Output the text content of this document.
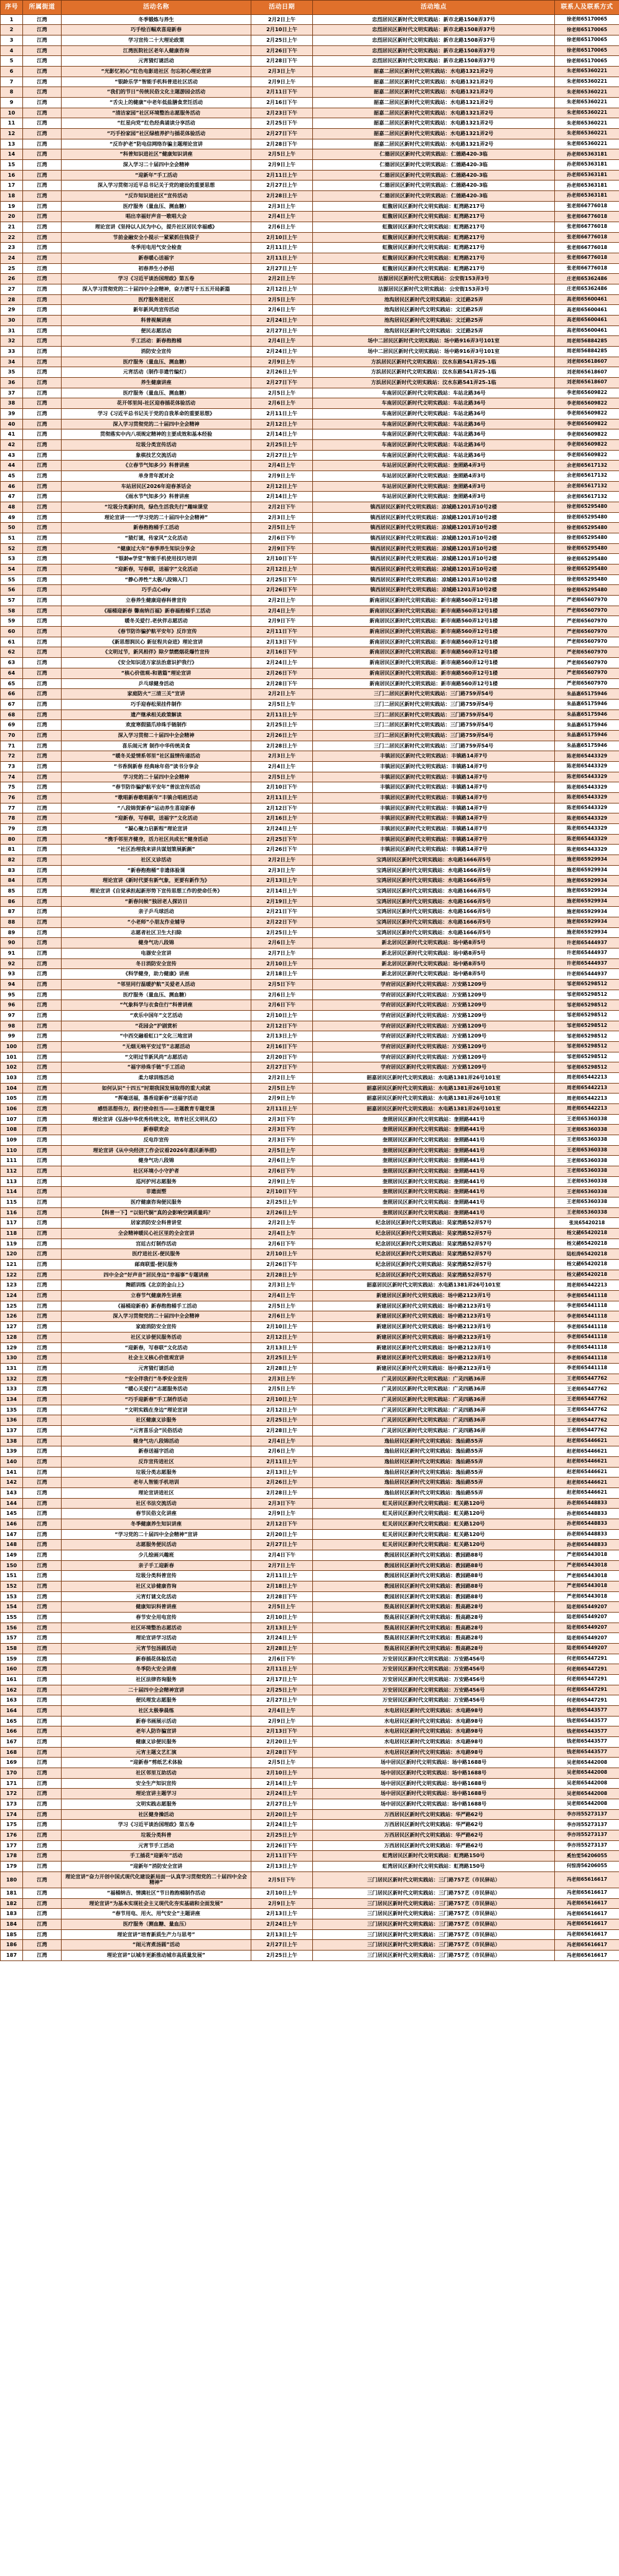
序号	所属街道	活动名称	活动日期	活动地点	联系人及联系方式
1	江湾	冬季锻炼与养生	2月2日上午	忠烈居民区新时代文明实践站：新市北路1508弄37号	徐老师65170065
2	江湾	巧手绘百幅欢喜迎新春	2月10日上午	忠烈居民区新时代文明实践站：新市北路1508弄37号	徐老师65170065
3	江湾	学习宣传二十大理论政策	2月25日上午	忠烈居民区新时代文明实践站：新市北路1508弄37号	徐老师65170065
4	江湾	江湾医院社区老年人健康咨询	2月26日下午	忠烈居民区新时代文明实践站：新市北路1508弄37号	徐老师65170065
5	江湾	元宵猜灯谜活动	2月28日下午	忠烈居民区新时代文明实践站：新市北路1508弄37号	徐老师65170065
6	江湾	“光影忆初心”红色电影进社区 勿忘初心理论宣讲	2月3日上午	韶嘉二居民区新时代文明实践站：水电路1321弄2号	朱老师65360221
7	江湾	“银龄乐学”智能手机科普进社区活动	2月9日上午	韶嘉二居民区新时代文明实践站：水电路1321弄2号	朱老师65360221
8	江湾	“我们的节日”传统民俗文化主题游园会活动	2月11日下午	韶嘉二居民区新时代文明实践站：水电路1321弄2号	朱老师65360221
9	江湾	“舌尖上的健康”中老年低盐膳食烹饪活动	2月16日下午	韶嘉二居民区新时代文明实践站：水电路1321弄2号	朱老师65360221
10	江湾	“清洁家园”社区环境整治志愿服务活动	2月23日下午	韶嘉二居民区新时代文明实践站：水电路1321弄2号	朱老师65360221
11	江湾	“红星向党”红色经典诵读分享活动	2月25日下午	韶嘉二居民区新时代文明实践站：水电路1321弄2号	朱老师65360221
12	江湾	“巧手扮家园”社区绿植养护与插花体验活动	2月27日下午	韶嘉二居民区新时代文明实践站：水电路1321弄2号	朱老师65360221
13	江湾	“反诈护老”防电信网络诈骗主题理论宣讲	2月28日下午	韶嘉二居民区新时代文明实践站：水电路1321弄2号	朱老师65360221
14	江湾	“科普知识进社区”健康知识讲座	2月5日上午	仁德居民区新时代文明实践站：仁德路420-3临	孙老师65363181
15	江湾	深入学习二十届四中全会精神	2月9日上午	仁德居民区新时代文明实践站：仁德路420-3临	孙老师65363181
16	江湾	“迎新年”手工活动	2月11日上午	仁德居民区新时代文明实践站：仁德路420-3临	孙老师65363181
17	江湾	深入学习贯彻习近平总书记关于党的建设的重要思想	2月27日上午	仁德居民区新时代文明实践站：仁德路420-3临	孙老师65363181
18	江湾	“反诈知识进社区”宣传活动	2月28日上午	仁德居民区新时代文明实践站：仁德路420-3临	孙老师65363181
19	江湾	医疗服务（量血压、测血糖）	2月3日上午	虹馥居民区新时代文明实践站：虹湾路217号	张老师66776018
20	江湾	唱出幸福好声音一歌唱大会	2月4日上午	虹馥居民区新时代文明实践站：虹湾路217号	张老师66776018
21	江湾	理论宣讲《坚持以人民为中心，提升社区居民幸福感》	2月6日上午	虹馥居民区新时代文明实践站：虹湾路217号	张老师66776018
22	江湾	节前金融安全小提示一紧紧抓住钱袋子	2月10日上午	虹馥居民区新时代文明实践站：虹湾路217号	张老师66776018
23	江湾	冬季用电用气安全检查	2月11日上午	虹馥居民区新时代文明实践站：虹湾路217号	张老师66776018
24	江湾	新春暖心送福字	2月11日上午	虹馥居民区新时代文明实践站：虹湾路217号	张老师66776018
25	江湾	初春养生小妙招	2月27日上午	虹馥居民区新时代文明实践站：虹湾路217号	张老师66776018
26	江湾	学习《习近平谈治国理政》第五卷	2月2日上午	沽源居民区新时代文明实践站：公安街153弄3号	庄老师65362486
27	江湾	深入学习贯彻党的二十届四中全会精神，奋力谱写十五五开局新篇	2月12日上午	沽源居民区新时代文明实践站：公安街153弄3号	庄老师65362486
28	江湾	医疗服务进社区	2月5日上午	池沟居民区新时代文明实践站：文迁路25弄	高老师65600461
29	江湾	新年新风尚宣传活动	2月6日上午	池沟居民区新时代文明实践站：文迁路25弄	高老师65600461
30	江湾	科普视频讲座	2月24日上午	池沟居民区新时代文明实践站：文迁路25弄	高老师65600461
31	江湾	便民志愿活动	2月27日上午	池沟居民区新时代文明实践站：文迁路25弄	高老师65600461
32	江湾	手工活动：新春抱抱桶	2月4日上午	场中二居民区新时代文明实践站：场中路916弄3号101室	周老师56884285
33	江湾	消防安全宣传	2月24日上午	场中二居民区新时代文明实践站：场中路916弄3号101室	周老师56884285
34	江湾	医疗服务（量血压、测血糖）	2月9日上午	方浜居民区新时代文明实践站：汶水东路541弄25-1临	刘老师65618607
35	江湾	元宵活动（制作非遗竹编灯）	2月26日上午	方浜居民区新时代文明实践站：汶水东路541弄25-1临	刘老师65618607
36	江湾	养生健康讲座	2月27日下午	方浜居民区新时代文明实践站：汶水东路541弄25-1临	刘老师65618607
37	江湾	医疗服务（量血压、测血糖）	2月5日上午	车南居民区新时代文明实践站：车站北路36号	李老师65609822
38	江湾	花开邻里间-社区迎春插花体验活动	2月6日上午	车南居民区新时代文明实践站：车站北路36号	李老师65609822
39	江湾	学习《习近平总书记关于党的自我革命的重要思想》	2月11日上午	车南居民区新时代文明实践站：车站北路36号	李老师65609822
40	江湾	深入学习贯彻党的二十届四中全会精神	2月12日上午	车南居民区新时代文明实践站：车站北路36号	李老师65609822
41	江湾	贯彻落实中内八项规定精神的主要成效和基本经验	2月14日上午	车南居民区新时代文明实践站：车站北路36号	李老师65609822
42	江湾	垃圾分类宣传活动	2月25日上午	车南居民区新时代文明实践站：车站北路36号	李老师65609822
43	江湾	象棋技艺交流活动	2月27日上午	车南居民区新时代文明实践站：车站北路36号	李老师65609822
44	江湾	《立春节气知多少》科普讲座	2月4日上午	车站居民区新时代文明实践站：奎照路4弄3号	余老师65617132
45	江湾	单身青年派对会	2月9日上午	车站居民区新时代文明实践站：奎照路4弄3号	余老师65617132
46	江湾	车站居民区2026年迎春茶话会	2月12日上午	车站居民区新时代文明实践站：奎照路4弄3号	余老师65617132
47	江湾	《雨水节气知多少》科普讲座	2月14日上午	车站居民区新时代文明实践站：奎照路4弄3号	余老师65617132
48	江湾	“垃圾分类新时尚，绿色生活我先行”趣味课堂	2月2日下午	镇西居民区新时代文明实践站：凉城路1201弄10号2楼	徐老师65295480
49	江湾	理论宣讲一一“学习党的二十届四中全会精神”	2月3日上午	镇西居民区新时代文明实践站：凉城路1201弄10号2楼	徐老师65295480
50	江湾	新春抱抱桶手工活动	2月5日上午	镇西居民区新时代文明实践站：凉城路1201弄10号2楼	徐老师65295480
51	江湾	“猜灯谜，传家风”文化活动	2月6日下午	镇西居民区新时代文明实践站：凉城路1201弄10号2楼	徐老师65295480
52	江湾	“健康过大年”春季养生知识分享会	2月9日下午	镇西居民区新时代文明实践站：凉城路1201弄10号2楼	徐老师65295480
53	江湾	“银龄e学堂”智能手机使用技巧培训	2月10日下午	镇西居民区新时代文明实践站：凉城路1201弄10号2楼	徐老师65295480
54	江湾	“迎新春，写春联，送福字”文化活动	2月12日上午	镇西居民区新时代文明实践站：凉城路1201弄10号2楼	徐老师65295480
55	江湾	“静心养性”太极八段锦入门	2月25日下午	镇西居民区新时代文明实践站：凉城路1201弄10号2楼	徐老师65295480
56	江湾	巧手点心diy	2月26日下午	镇西居民区新时代文明实践站：凉城路1201弄10号2楼	徐老师65295480
57	江湾	立春养生健康迎春科普宣传	2月2日上午	新南居民区新时代文明实践站：新市南路560弄12号1楼	严老师65607970
58	江湾	《福桶迎新春 馨南纳百福》新春福抱桶手工活动	2月4日上午	新南居民区新时代文明实践站：新市南路560弄12号1楼	严老师65607970
59	江湾	暖冬关爱行.老伙伴志愿活动	2月9日下午	新南居民区新时代文明实践站：新市南路560弄12号1楼	严老师65607970
60	江湾	《春节防诈骗护航平安年》反诈宣传	2月11日下午	新南居民区新时代文明实践站：新市南路560弄12号1楼	严老师65607970
61	江湾	《新思想润民心 新征程共奋进》理论宣讲	2月13日下午	新南居民区新时代文明实践站：新市南路560弄12号1楼	严老师65607970
62	江湾	《文明过节，新风相伴》除夕禁燃烟花爆竹宣传	2月16日下午	新南居民区新时代文明实践站：新市南路560弄12号1楼	严老师65607970
63	江湾	《安全知识进万家法治意识护我行》	2月24日上午	新南居民区新时代文明实践站：新市南路560弄12号1楼	严老师65607970
64	江湾	“核心价值观-和谐篇”理论宣讲	2月26日下午	新南居民区新时代文明实践站：新市南路560弄12号1楼	严老师65607970
65	江湾	乒乓球健身活动	2月28日下午	新南居民区新时代文明实践站：新市南路560弄12号1楼	严老师65607970
66	江湾	家庭防火“三清三关”宣讲	2月2日上午	三门二居民区新时代文明实践站：三门路759弄54号	朱晶惠65175946
67	江湾	巧手迎春松果挂件制作	2月5日上午	三门二居民区新时代文明实践站：三门路759弄54号	朱晶惠65175946
68	江湾	遗产继承相关政策解读	2月11日上午	三门二居民区新时代文明实践站：三门路759弄54号	朱晶惠65175946
69	江湾	欢度寒假猫爪珍珠手链制作	2月25日上午	三门二居民区新时代文明实践站：三门路759弄54号	朱晶惠65175946
70	江湾	深入学习贯彻二十届四中全会精神	2月26日上午	三门二居民区新时代文明实践站：三门路759弄54号	朱晶惠65175946
71	江湾	喜乐闹元宵 制作中华传统美食	2月28日上午	三门二居民区新时代文明实践站：三门路759弄54号	朱晶惠65175946
72	江湾	“暖冬关爱情系邻里”社区温情传递活动	2月3日上午	丰镇居民区新时代文明实践站：丰镇路14弄7号	陈老师65443329
73	江湾	“书香润新春 经典咏年俗”读书分享会	2月4日上午	丰镇居民区新时代文明实践站：丰镇路14弄7号	陈老师65443329
74	江湾	学习党的二十届四中全会精神	2月5日上午	丰镇居民区新时代文明实践站：丰镇路14弄7号	陈老师65443329
75	江湾	“春节防诈骗护航平安年”普法宣传活动	2月10日下午	丰镇居民区新时代文明实践站：丰镇路14弄7号	陈老师65443329
76	江湾	“歌唱新春歌唱新年”丰镇合唱班活动	2月11日上午	丰镇居民区新时代文明实践站：丰镇路14弄7号	陈老师65443329
77	江湾	“八段锦贺新春”运动养生喜迎新春	2月12日下午	丰镇居民区新时代文明实践站：丰镇路14弄7号	陈老师65443329
78	江湾	“迎新春，写春联，送福字”文化活动	2月16日上午	丰镇居民区新时代文明实践站：丰镇路14弄7号	陈老师65443329
79	江湾	“凝心聚力启新程”理论宣讲	2月24日上午	丰镇居民区新时代文明实践站：丰镇路14弄7号	陈老师65443329
80	江湾	“携手邻里齐健身，活力社区共成长”健身活动	2月25日下午	丰镇居民区新时代文明实践站：丰镇路14弄7号	陈老师65443329
81	江湾	“社区治理我来讲共谋划策展新颜”	2月26日下午	丰镇居民区新时代文明实践站：丰镇路14弄7号	陈老师65443329
82	江湾	社区义诊活动	2月2日上午	宝鸿居民区新时代文明实践站：水电路1666弄5号	施老师65929934
83	江湾	“新春抱抱桶”非遗体验课	2月3日上午	宝鸿居民区新时代文明实践站：水电路1666弄5号	施老师65929934
84	江湾	理论宣讲《新时代要有新气象，更要有新作为》	2月13日上午	宝鸿居民区新时代文明实践站：水电路1666弄5号	施老师65929934
85	江湾	理论宣讲《自觉承担起新形势下宣传思想工作的使命任务》	2月14日上午	宝鸿居民区新时代文明实践站：水电路1666弄5号	施老师65929934
86	江湾	“新春问候”独居老人探访日	2月19日上午	宝鸿居民区新时代文明实践站：水电路1666弄5号	施老师65929934
87	江湾	亲子乒乓球活动	2月21日下午	宝鸿居民区新时代文明实践站：水电路1666弄5号	施老师65929934
88	江湾	“小老师”小朋友作业辅导	2月22日下午	宝鸿居民区新时代文明实践站：水电路1666弄5号	施老师65929934
89	江湾	志愿者社区卫生大扫除	2月25日上午	宝鸿居民区新时代文明实践站：水电路1666弄5号	施老师65929934
90	江湾	健身气功八段锦	2月6日上午	新北居民区新时代文明实践站：场中路8弄5号	许老师65444937
91	江湾	电器安全宣讲	2月7日上午	新北居民区新时代文明实践站：场中路8弄5号	许老师65444937
92	江湾	冬日消防安全宣传	2月10日上午	新北居民区新时代文明实践站：场中路8弄5号	许老师65444937
93	江湾	《科学健身，助力健康》讲座	2月18日上午	新北居民区新时代文明实践站：场中路8弄5号	许老师65444937
94	江湾	“邻里同行温暖护航”关爱老人活动	2月5日下午	学府居民区新时代文明实践站：万安路1209号	邹老师65298512
95	江湾	医疗服务（量血压、测血糖）	2月6日上午	学府居民区新时代文明实践站：万安路1209号	邹老师65298512
96	江湾	“气象科学与衣食住行”科普讲座	2月6日下午	学府居民区新时代文明实践站：万安路1209号	邹老师65298512
97	江湾	“欢乐中国年”文艺活动	2月10日上午	学府居民区新时代文明实践站：万安路1209号	邹老师65298512
98	江湾	“花园会”沪剧赏析	2月12日下午	学府居民区新时代文明实践站：万安路1209号	邹老师65298512
99	江湾	“中西交融看虹口”文化三地宣讲	2月13日上午	学府居民区新时代文明实践站：万安路1209号	邹老师65298512
100	江湾	“无烟无响平安过节”志愿活动	2月16日下午	学府居民区新时代文明实践站：万安路1209号	邹老师65298512
101	江湾	“文明过节新风尚”志愿活动	2月20日下午	学府居民区新时代文明实践站：万安路1209号	邹老师65298512
102	江湾	“福字珍珠手链”手工活动	2月27日下午	学府居民区新时代文明实践站：万安路1209号	邹老师65298512
103	江湾	柔力球训练活动	2月2日上午	韶嘉居民区新时代文明实践站：水电路1381弄26号101室	周老师65442213
104	江湾	如何认识“十四五”时期我国发展取得的重大成就	2月5日上午	韶嘉居民区新时代文明实践站：水电路1381弄26号101室	周老师65442213
105	江湾	“挥毫送福，墨香迎新春”送福字活动	2月9日上午	韶嘉居民区新时代文明实践站：水电路1381弄26号101室	周老师65442213
106	江湾	感悟思想伟力，践行使命担当——主题教育专题党课	2月11日上午	韶嘉居民区新时代文明实践站：水电路1381弄26号101室	周老师65442213
107	江湾	理论宣讲《弘扬中华优秀传统文化，培育社区文明礼仪》	2月3日下午	奎照居民区新时代文明实践站：奎照路441号	王老师65360338
108	江湾	新春联欢会	2月3日下午	奎照居民区新时代文明实践站：奎照路441号	王老师65360338
109	江湾	反电诈宣传	2月3日下午	奎照居民区新时代文明实践站：奎照路441号	王老师65360338
110	江湾	理论宣讲《从中央经济工作会议看2026年惠民新举措》	2月5日上午	奎照居民区新时代文明实践站：奎照路441号	王老师65360338
111	江湾	健身气功八段锦	2月6日上午	奎照居民区新时代文明实践站：奎照路441号	王老师65360338
112	江湾	社区环境小小守护者	2月6日下午	奎照居民区新时代文明实践站：奎照路441号	王老师65360338
113	江湾	巡河护河志愿服务	2月9日上午	奎照居民区新时代文明实践站：奎照路441号	王老师65360338
114	江湾	非遗面塑	2月10日下午	奎照居民区新时代文明实践站：奎照路441号	王老师65360338
115	江湾	医疗健康咨询便民服务	2月25日上午	奎照居民区新时代文明实践站：奎照路441号	王老师65360338
116	江湾	【科普一下】“以铝代铜”真的会影响空调质量吗？	2月26日上午	奎照居民区新时代文明实践站：奎照路441号	王老师65360338
117	江湾	居家消防安全科普讲堂	2月2日上午	纪念居民区新时代文明实践站：昊家湾路52弄57号	张岚65420218
118	江湾	全会精神暖民心社区里的全会宣讲	2月4日上午	纪念居民区新时代文明实践站：昊家湾路52弄57号	杨文赭65420218
119	江湾	宫廷古灯制作活动	2月6日下午	纪念居民区新时代文明实践站：昊家湾路52弄57号	杨文赭65420218
120	江湾	医疗进社区-便民服务	2月10日上午	纪念居民区新时代文明实践站：昊家湾路52弄57号	陆松涛65420218
121	江湾	邮商联盟-便民服务	2月26日下午	纪念居民区新时代文明实践站：昊家湾路52弄57号	杨文赭65420218
122	江湾	四中全会“好声音”居民身边“幸福事”专题讲座	2月28日上午	纪念居民区新时代文明实践站：昊家湾路52弄57号	杨文赭65420218
123	江湾	舞蹈训练《北京的金山上》	2月3日上午	韶嘉居民区新时代文明实践站：水电路1381弄26号101室	周老师65442213
124	江湾	立春节气健康养生讲座	2月4日上午	新建居民区新时代文明实践站：场中路2123弄1号	李老师65441118
125	江湾	《福桶迎新春》新春抱抱桶手工活动	2月5日上午	新建居民区新时代文明实践站：场中路2123弄1号	李老师65441118
126	江湾	深入学习贯彻党的二十届四中全会精神	2月6日上午	新建居民区新时代文明实践站：场中路2123弄1号	李老师65441118
127	江湾	家庭消防安全宣传	2月10日上午	新建居民区新时代文明实践站：场中路2123弄1号	李老师65441118
128	江湾	社区义诊便民服务活动	2月12日上午	新建居民区新时代文明实践站：场中路2123弄1号	李老师65441118
129	江湾	“迎新春，写春联”文化活动	2月13日上午	新建居民区新时代文明实践站：场中路2123弄1号	李老师65441118
130	江湾	社会主义核心价值观宣讲	2月25日上午	新建居民区新时代文明实践站：场中路2123弄1号	李老师65441118
131	江湾	元宵猜灯谜活动	2月28日上午	新建居民区新时代文明实践站：场中路2123弄1号	李老师65441118
132	江湾	“安全伴我行”冬季安全宣传	2月3日上午	广灵居民区新时代文明实践站：广灵四路36弄	王老师65447762
133	江湾	“暖心关爱行”志愿服务活动	2月5日上午	广灵居民区新时代文明实践站：广灵四路36弄	王老师65447762
134	江湾	“巧手迎新春”手工制作活动	2月10日上午	广灵居民区新时代文明实践站：广灵四路36弄	王老师65447762
135	江湾	“文明实践在身边”理论宣讲	2月12日上午	广灵居民区新时代文明实践站：广灵四路36弄	王老师65447762
136	江湾	社区健康义诊服务	2月25日上午	广灵居民区新时代文明实践站：广灵四路36弄	王老师65447762
137	江湾	“元宵喜乐会”民俗活动	2月28日上午	广灵居民区新时代文明实践站：广灵四路36弄	王老师65447762
138	江湾	健身气功八段锦活动	2月4日上午	逸仙居民区新时代文明实践站：逸仙路55弄	赵老师65446621
139	江湾	新春送福字活动	2月6日上午	逸仙居民区新时代文明实践站：逸仙路55弄	赵老师65446621
140	江湾	反诈宣传进社区	2月11日上午	逸仙居民区新时代文明实践站：逸仙路55弄	赵老师65446621
141	江湾	垃圾分类志愿服务	2月13日上午	逸仙居民区新时代文明实践站：逸仙路55弄	赵老师65446621
142	江湾	老年人智能手机培训	2月26日上午	逸仙居民区新时代文明实践站：逸仙路55弄	赵老师65446621
143	江湾	理论宣讲进社区	2月28日上午	逸仙居民区新时代文明实践站：逸仙路55弄	赵老师65446621
144	江湾	社区书法交流活动	2月3日下午	虹关居民区新时代文明实践站：虹关路120号	孙老师65448833
145	江湾	春节民俗文化讲座	2月9日上午	虹关居民区新时代文明实践站：虹关路120号	孙老师65448833
146	江湾	冬季健康养生知识讲座	2月12日下午	虹关居民区新时代文明实践站：虹关路120号	孙老师65448833
147	江湾	“学习党的二十届四中全会精神”宣讲	2月20日上午	虹关居民区新时代文明实践站：虹关路120号	孙老师65448833
148	江湾	志愿服务便民活动	2月27日上午	虹关居民区新时代文明实践站：虹关路120号	孙老师65448833
149	江湾	少儿绘画兴趣班	2月4日下午	教园居民区新时代文明实践站：教园路88号	严老师65443018
150	江湾	亲子手工迎新春	2月7日上午	教园居民区新时代文明实践站：教园路88号	严老师65443018
151	江湾	垃圾分类科普宣传	2月11日上午	教园居民区新时代文明实践站：教园路88号	严老师65443018
152	江湾	社区义诊健康咨询	2月18日上午	教园居民区新时代文明实践站：教园路88号	严老师65443018
153	江湾	元宵灯谜文化活动	2月28日下午	教园居民区新时代文明实践站：教园路88号	严老师65443018
154	江湾	健康知识科普讲座	2月5日上午	殷高居民区新时代文明实践站：殷高路28号	陆老师65449207
155	江湾	春节安全用电宣传	2月10日上午	殷高居民区新时代文明实践站：殷高路28号	陆老师65449207
156	江湾	社区环境整治志愿活动	2月13日上午	殷高居民区新时代文明实践站：殷高路28号	陆老师65449207
157	江湾	理论宣讲学习活动	2月24日上午	殷高居民区新时代文明实践站：殷高路28号	陆老师65449207
158	江湾	元宵节包汤圆活动	2月28日上午	殷高居民区新时代文明实践站：殷高路28号	陆老师65449207
159	江湾	新春插花体验活动	2月6日下午	万安居民区新时代文明实践站：万安路456号	何老师65447291
160	江湾	冬季防火安全讲座	2月11日上午	万安居民区新时代文明实践站：万安路456号	何老师65447291
161	江湾	社区法律咨询服务	2月17日上午	万安居民区新时代文明实践站：万安路456号	何老师65447291
162	江湾	二十届四中全会精神宣讲	2月25日上午	万安居民区新时代文明实践站：万安路456号	何老师65447291
163	江湾	便民理发志愿服务	2月27日上午	万安居民区新时代文明实践站：万安路456号	何老师65447291
164	江湾	社区太极拳晨练	2月4日上午	水电居民区新时代文明实践站：水电路98号	钱老师65443577
165	江湾	新春书画展示活动	2月9日上午	水电居民区新时代文明实践站：水电路98号	钱老师65443577
166	江湾	老年人防诈骗宣讲	2月13日下午	水电居民区新时代文明实践站：水电路98号	钱老师65443577
167	江湾	健康义诊便民服务	2月20日上午	水电居民区新时代文明实践站：水电路98号	钱老师65443577
168	江湾	元宵主题文艺汇演	2月28日下午	水电居民区新时代文明实践站：水电路98号	钱老师65443577
169	江湾	“迎新春”剪纸艺术体验	2月5日上午	场中居民区新时代文明实践站：场中路1688号	吴老师65442008
170	江湾	社区邻里互助活动	2月10日上午	场中居民区新时代文明实践站：场中路1688号	吴老师65442008
171	江湾	安全生产知识宣传	2月14日上午	场中居民区新时代文明实践站：场中路1688号	吴老师65442008
172	江湾	理论宣讲主题学习	2月24日上午	场中居民区新时代文明实践站：场中路1688号	吴老师65442008
173	江湾	文明实践志愿服务	2月27日上午	场中居民区新时代文明实践站：场中路1688号	吴老师65442008
174	江湾	社区健身操活动	2月20日上午	万西居民区新时代文明实践站：华严路62号	李亦玮55273137
175	江湾	学习《习近平谈治国理政》第五卷	2月24日上午	万西居民区新时代文明实践站：华严路62号	李亦玮55273137
176	江湾	垃圾分类科普	2月25日上午	万西居民区新时代文明实践站：华严路62号	李亦玮55273137
177	江湾	元宵节手工活动	2月26日下午	万西居民区新时代文明实践站：华严路62号	李亦玮55273137
178	江湾	手工插花“迎新年”活动	2月11日下午	虹湾居民区新时代文明实践站：虹湾路150号	奚怡雯56206055
179	江湾	“迎新年”消防安全宣讲	2月13日上午	虹湾居民区新时代文明实践站：虹湾路150号	何惊涛56206055
180	江湾	理论宣讲“奋力开创中国式现代化建设新局面一认真学习贯彻党的二十届四中全会精神”	2月5日下午	三门居民区新时代文明实践站：三门路757艺（市民驿站）	冯老师65616617
181	江湾	“福桶纳吉、情满社区”节日抱抱桶制作活动	2月10日上午	三门居民区新时代文明实践站：三门路757艺（市民驿站）	冯老师65616617
182	江湾	理论宣讲“为基本实现社会主义现代化夯实基础和全面发展”	2月9日上午	三门居民区新时代文明实践站：三门路757艺（市民驿站）	冯老师65616617
183	江湾	“春节用电、用火、用气安全”主题讲座	2月13日上午	三门居民区新时代文明实践站：三门路757艺（市民驿站）	冯老师65616617
184	江湾	医疗服务（测血糖、量血压）	2月24日上午	三门居民区新时代文明实践站：三门路757艺（市民驿站）	冯老师65616617
185	江湾	理论宣讲“培育新质生产力与思考”	2月13日上午	三门居民区新时代文明实践站：三门路757艺（市民驿站）	冯老师65616617
186	江湾	“闹元宵煮汤圆”活动	2月27日上午	三门居民区新时代文明实践站：三门路757艺（市民驿站）	冯老师65616617
187	江湾	理论宣讲“以城市更新推动城市高质量发展”	2月25日上午	三门居民区新时代文明实践站：三门路757艺（市民驿站）	冯老师65616617
